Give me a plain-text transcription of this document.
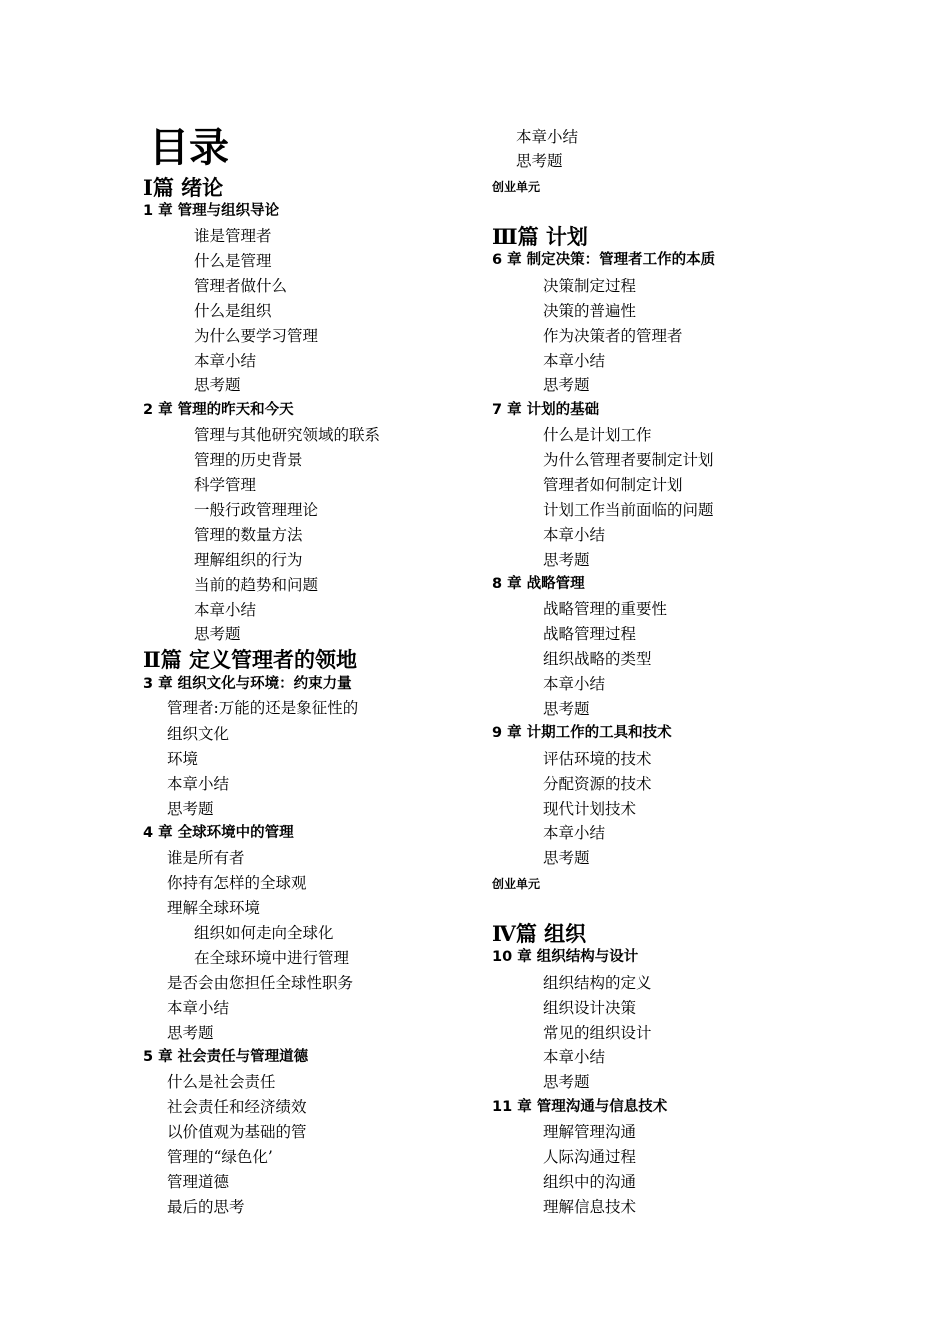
目录
Ⅰ篇 绪论
1 章 管理与组织导论
谁是管理者
什么是管理
管理者做什么
什么是组织
为什么要学习管理
本章小结
思考题
2 章 管理的昨天和今天
管理与其他研究领域的联系
管理的历史背景
科学管理
一般行政管理理论
管理的数量方法
理解组织的行为
当前的趋势和问题
本章小结
思考题
Ⅱ篇 定义管理者的领地
3 章 组织文化与环境：约束力量
管理者:万能的还是象征性的
组织文化
环境
本章小结
思考题
4 章 全球环境中的管理
谁是所有者
你持有怎样的全球观
理解全球环境
组织如何走向全球化
在全球环境中进行管理
是否会由您担任全球性职务
本章小结
思考题
5 章 社会责任与管理道德
什么是社会责任
社会责任和经济绩效
以价值观为基础的管
管理的“绿色化’
管理道德
最后的思考
本章小结
思考题
创业单元
Ⅲ篇 计划
6 章 制定决策：管理者工作的本质
决策制定过程
决策的普遍性
作为决策者的管理者
本章小结
思考题
7 章 计划的基础
什么是计划工作
为什么管理者要制定计划
管理者如何制定计划
计划工作当前面临的问题
本章小结
思考题
8 章 战略管理
战略管理的重要性
战略管理过程
组织战略的类型
本章小结
思考题
9 章 计期工作的工具和技术
评估环境的技术
分配资源的技术
现代计划技术
本章小结
思考题
创业单元
Ⅳ篇 组织
10 章 组织结构与设计
组织结构的定义
组织设计决策
常见的组织设计
本章小结
思考题
11 章 管理沟通与信息技术
理解管理沟通
人际沟通过程
组织中的沟通
理解信息技术
